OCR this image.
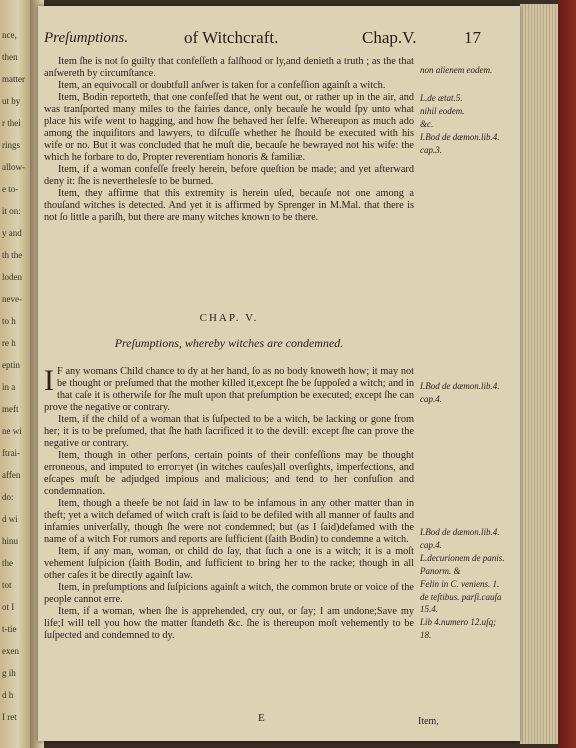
nce,
then
matter
ut by
r thei
rings
allow-
e to-
it on:
y and
th the
loden
neve-
to h
re h
eptin
in a
meft
ne wi
ftrai-
affen
do:
d wi
hinu
the
tot
ot I
t-tie
exen
g ih
d h
I ret
Preſumptions.	of Witchcraft.	Chap.V.	17

Item ſhe is not ſo guilty that confeſſeth a falſhood or ly,and denieth a truth ; as the that anſwereth by circumſtance.

Item, an equivocall or doubtfull anſwer is taken for a confeſſion againſt a witch.

Item, Bodin reporteth, that one confeſſed that he went out, or rather up in the air, and was tranſported many miles to the fairies dance, only becauſe he would ſpy unto what place his wife went to hagging, and how ſhe behaved her ſelfe. Whereupon as much ado among the inquiſitors and lawyers, to diſcuſſe whether he ſhould be executed with his wife or no. But it was concluded that he muſt die, becauſe he bewrayed not his wife: the which he forbare to do, Propter reverentiam honoris & familiæ.

Item, if a woman confeſſe freely herein, before queſtion be made; and yet afterward deny it: ſhe is neverthelesſe to be burned.

Item, they affirme that this extremity is herein uſed, becauſe not one among a thouſand witches is detected. And yet it is affirmed by Sprenger in M.Mal. that there is not ſo little a pariſh, but there are many witches known to be there.

non alienem eodem.
L.de ætat.5.
nihil eodem.
&c.
I.Bod de dæmon.lib.4.
cap.3.
CHAP. V.
Preſumptions, whereby witches are condemned.

I F any womans Child chance to dy at her hand, ſo as no body knoweth how; it may not be thought or preſumed that the mother killed it,except ſhe be ſuppoſed a witch; and in that caſe it is otherwiſe for ſhe muſt upon that preſumption be executed; except ſhe can prove the negative or contrary.

Item, if the child of a woman that is ſuſpected to be a witch, be lacking or gone from her; it is to be preſumed, that ſhe hath ſacrificed it to the devill: except ſhe can prove the negative or contrary.

Item, though in other perſons, certain points of their confeſſions may be thought erroneous, and imputed to error:yet (in witches cauſes)all overſights, imperfections, and eſcapes muſt be adjudged impious and malicious; and tend to her confuſion and condemnation.

Item, though a theefe be not ſaid in law to be infamous in any other matter than in theft; yet a witch defamed of witch craft is ſaid to be defiled with all manner of faults and infamies univerſally, though ſhe were not condemned; but (as I ſaid)defamed with the name of a witch For rumors and reports are ſufficient (ſaith Bodin) to condemne a witch.

Item, if any man, woman, or child do ſay, that ſuch a one is a witch; it is a moſt vehement ſuſpicion (ſaith Bodin, and ſufficient to bring her to the racke; though in all other caſes it be directly againſt law.

Item, in preſumptions and ſuſpicions againſt a witch, the common brute or voice of the people cannot erre.

Item, if a woman, when ſhe is apprehended, cry out, or ſay; I am undone;Save my life;I will tell you how the matter ſtandeth &c. ſhe is thereupon moſt vehemently to be ſuſpected and condemned to dy.

I.Bod de dæmon.lib.4.
cap.4.
I.Bod de dæmon.lib.4.
cap.4.
L.decurionem de panis.
Panorm. &
Felin in C. veniens. 1.
de teſtibus. parſi.cauſa 15.4.
Lib 4.numero 12.uſq;
18.
E	Item,
